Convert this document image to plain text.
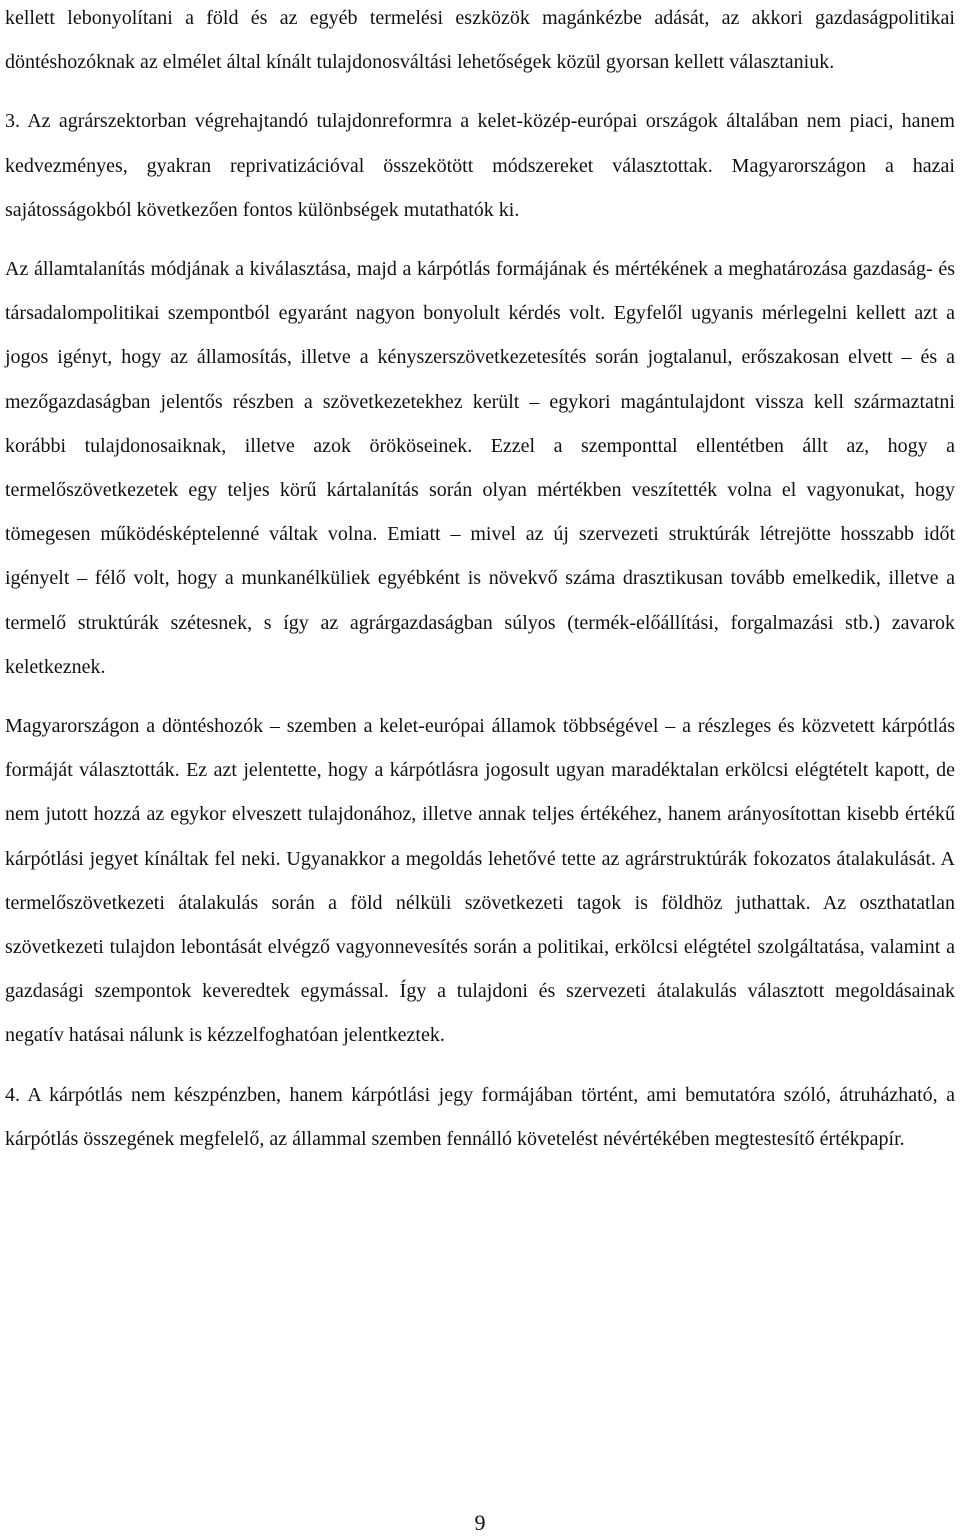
kellett lebonyolítani a föld és az egyéb termelési eszközök magánkézbe adását, az akkori gazdaságpolitikai döntéshozóknak az elmélet által kínált tulajdonosváltási lehetőségek közül gyorsan kellett választaniuk.

3. Az agrárszektorban végrehajtandó tulajdonreformra a kelet-közép-európai országok általában nem piaci, hanem kedvezményes, gyakran reprivatizációval összekötött módszereket választottak. Magyarországon a hazai sajátosságokból következően fontos különbségek mutathatók ki.

Az államtalanítás módjának a kiválasztása, majd a kárpótlás formájának és mértékének a meghatározása gazdaság- és társadalompolitikai szempontból egyaránt nagyon bonyolult kérdés volt. Egyfelől ugyanis mérlegelni kellett azt a jogos igényt, hogy az államosítás, illetve a kényszerszövetkezetesítés során jogtalanul, erőszakosan elvett – és a mezőgazdaságban jelentős részben a szövetkezetekhez került – egykori magántulajdont vissza kell származtatni korábbi tulajdonosaiknak, illetve azok örököseinek. Ezzel a szemponttal ellentétben állt az, hogy a termelőszövetkezetek egy teljes körű kártalanítás során olyan mértékben veszítették volna el vagyonukat, hogy tömegesen működésképtelenné váltak volna. Emiatt – mivel az új szervezeti struktúrák létrejötte hosszabb időt igényelt – félő volt, hogy a munkanélküliek egyébként is növekvő száma drasztikusan tovább emelkedik, illetve a termelő struktúrák szétesnek, s így az agrárgazdaságban súlyos (termék-előállítási, forgalmazási stb.) zavarok keletkeznek.

Magyarországon a döntéshozók – szemben a kelet-európai államok többségével – a részleges és közvetett kárpótlás formáját választották. Ez azt jelentette, hogy a kárpótlásra jogosult ugyan maradéktalan erkölcsi elégtételt kapott, de nem jutott hozzá az egykor elveszett tulajdonához, illetve annak teljes értékéhez, hanem arányosítottan kisebb értékű kárpótlási jegyet kínáltak fel neki. Ugyanakkor a megoldás lehetővé tette az agrárstruktúrák fokozatos átalakulását. A termelőszövetkezeti átalakulás során a föld nélküli szövetkezeti tagok is földhöz juthattak. Az oszthatatlan szövetkezeti tulajdon lebontását elvégző vagyonnevesítés során a politikai, erkölcsi elégtétel szolgáltatása, valamint a gazdasági szempontok keveredtek egymással. Így a tulajdoni és szervezeti átalakulás választott megoldásainak negatív hatásai nálunk is kézzelfoghatóan jelentkeztek.

4. A kárpótlás nem készpénzben, hanem kárpótlási jegy formájában történt, ami bemutatóra szóló, átruházható, a kárpótlás összegének megfelelő, az állammal szemben fennálló követelést névértékében megtestesítő értékpapír.

9
